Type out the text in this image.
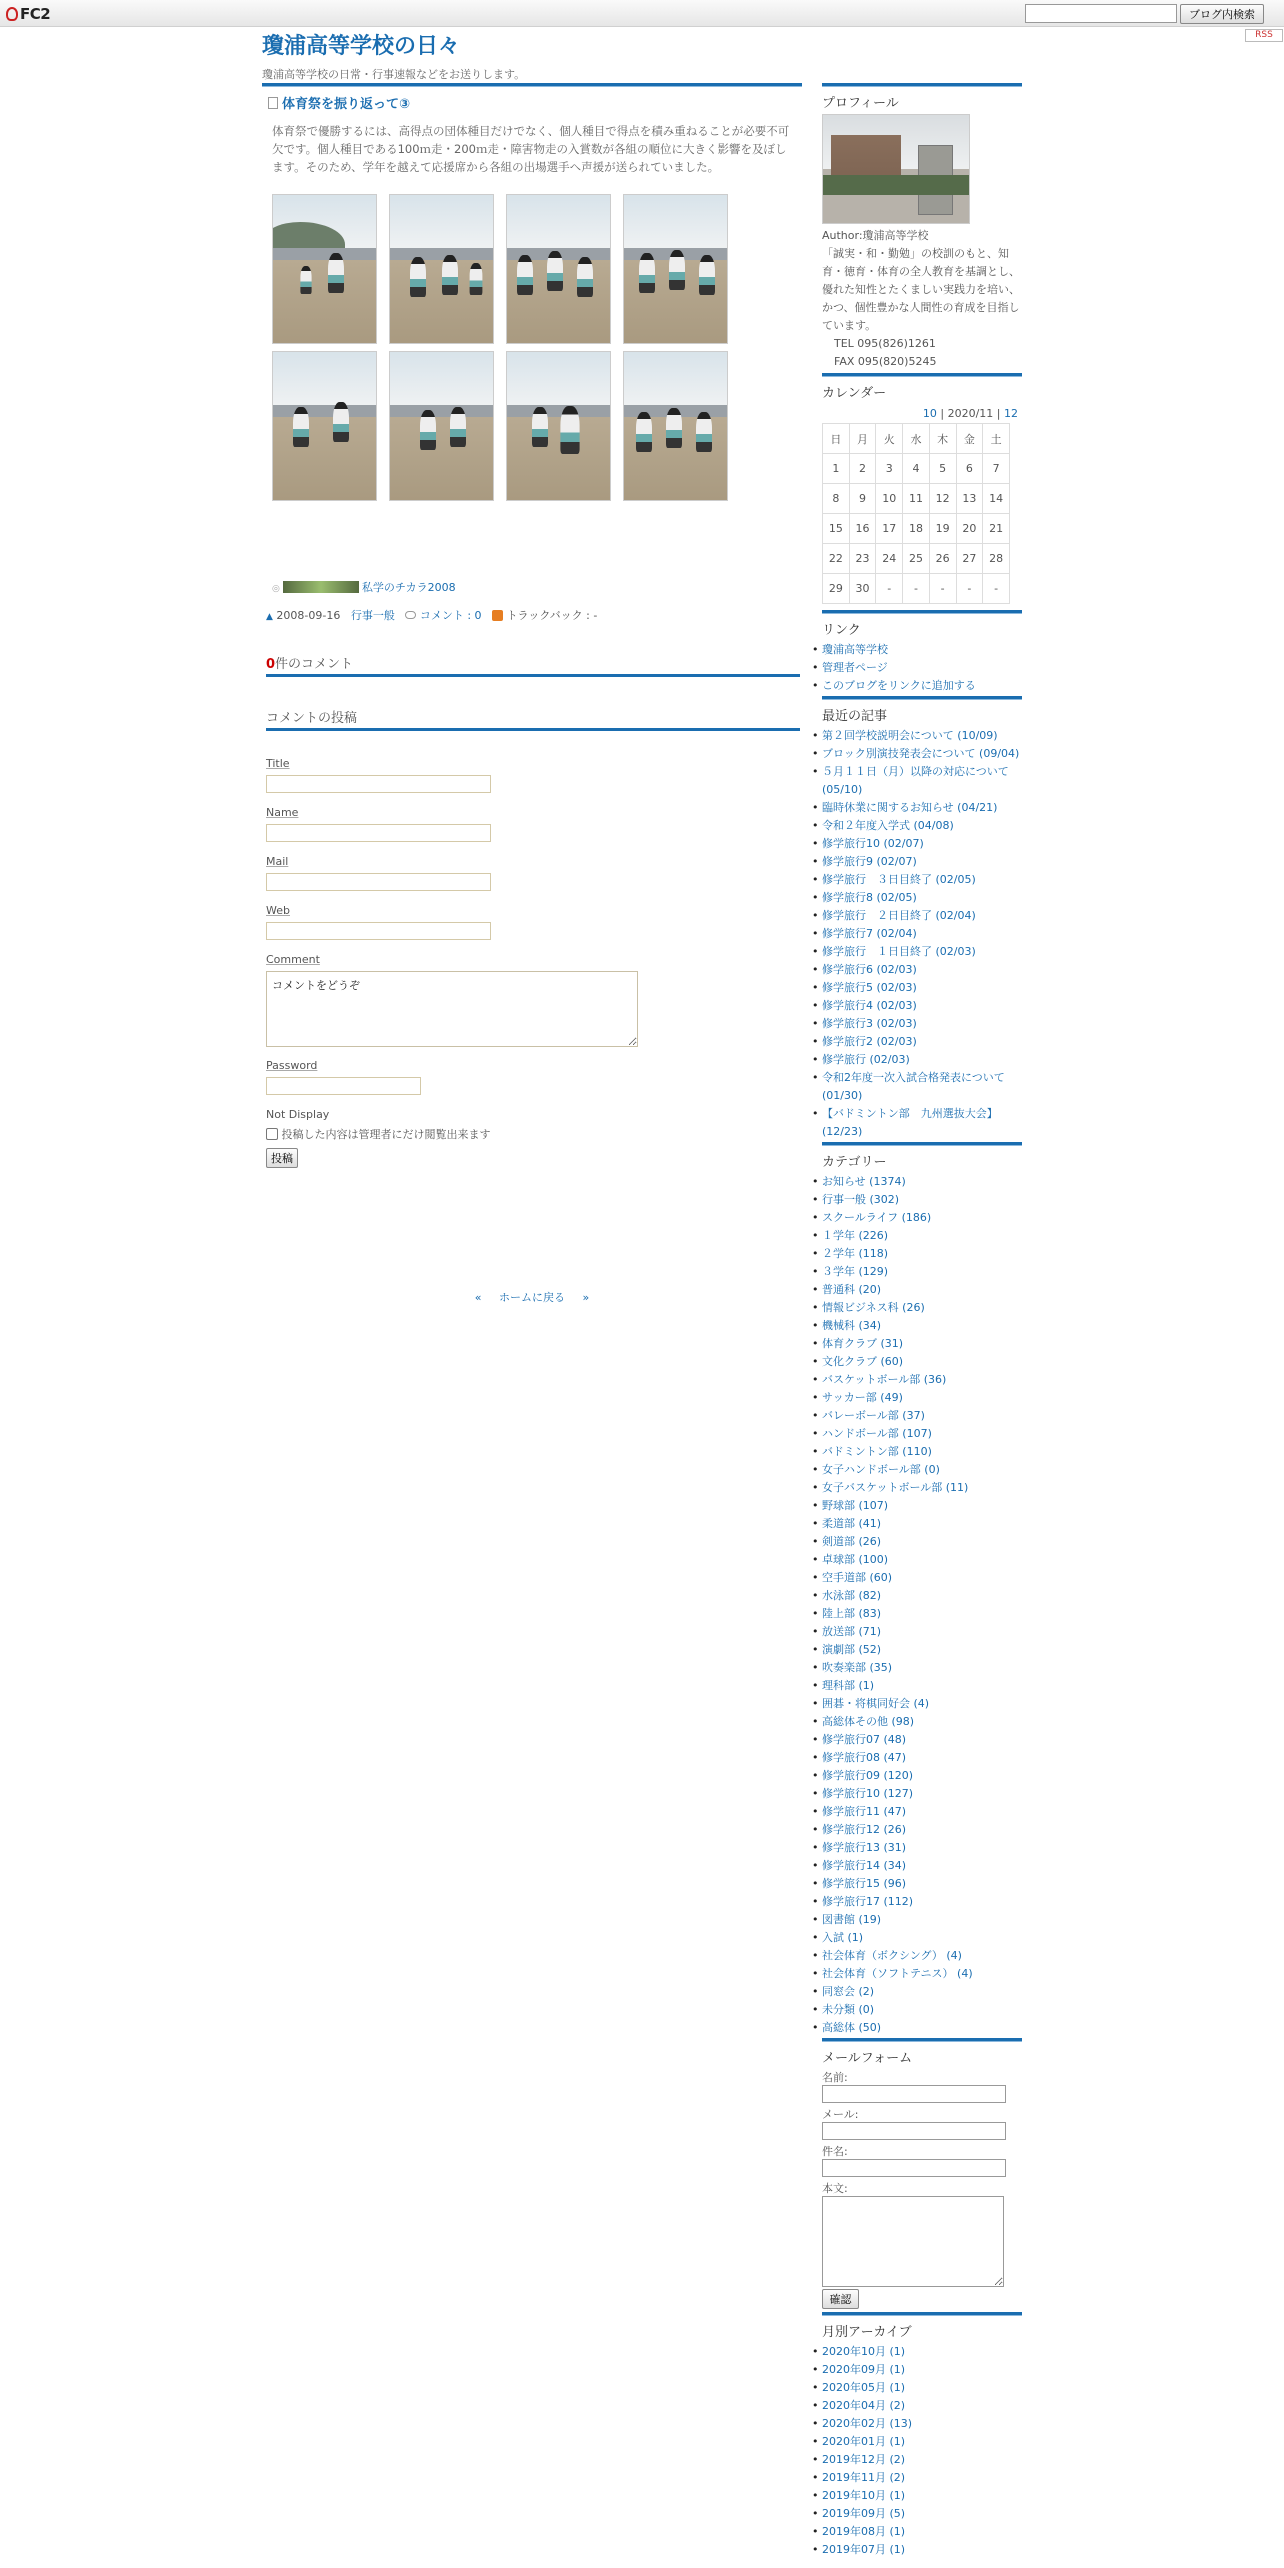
FC2	ブログ内検索
RSS
瓊浦高等学校の日々
瓊浦高等学校の日常・行事速報などをお送りします。
体育祭を振り返って③
体育祭で優勝するには、高得点の団体種目だけでなく、個人種目で得点を積み重ねることが必要不可欠です。個人種目である100ｍ走・200ｍ走・障害物走の入賞数が各組の順位に大きく影響を及ぼします。そのため、学年を越えて応援席から各組の出場選手へ声援が送られていました。
◎	私学のチカラ2008
▲ 2008-09-16 行事一般 コメント : 0 トラックバック : -
0件のコメント
コメントの投稿
Title
Name
Mail
Web
Comment
コメントをどうぞ
Password
Not Display
投稿した内容は管理者にだけ閲覧出来ます
投稿
« ホームに戻る »
プロフィール
Author:瓊浦高等学校
「誠実・和・勤勉」の校訓のもと、知育・徳育・体育の全人教育を基調とし、優れた知性とたくましい実践力を培い、かつ、個性豊かな人間性の育成を目指しています。
TEL 095(826)1261
FAX 095(820)5245
カレンダー
10 | 2020/11 | 12
日	月	火	水	木	金	土
1	2	3	4	5	6	7
8	9	10	11	12	13	14
15	16	17	18	19	20	21
22	23	24	25	26	27	28
29	30	-	-	-	-	-
リンク
• 瓊浦高等学校
• 管理者ページ
• このブログをリンクに追加する
最近の記事
• 第２回学校説明会について (10/09)
• ブロック別演技発表会について (09/04)
• ５月１１日（月）以降の対応について (05/10)
• 臨時休業に関するお知らせ (04/21)
• 令和２年度入学式 (04/08)
• 修学旅行10 (02/07)
• 修学旅行9 (02/07)
• 修学旅行　３日目終了 (02/05)
• 修学旅行8 (02/05)
• 修学旅行　２日目終了 (02/04)
• 修学旅行7 (02/04)
• 修学旅行　１日目終了 (02/03)
• 修学旅行6 (02/03)
• 修学旅行5 (02/03)
• 修学旅行4 (02/03)
• 修学旅行3 (02/03)
• 修学旅行2 (02/03)
• 修学旅行 (02/03)
• 令和2年度一次入試合格発表について (01/30)
• 【バドミントン部　九州選抜大会】 (12/23)
カテゴリー
• お知らせ (1374)
• 行事一般 (302)
• スクールライフ (186)
• １学年 (226)
• ２学年 (118)
• ３学年 (129)
• 普通科 (20)
• 情報ビジネス科 (26)
• 機械科 (34)
• 体育クラブ (31)
• 文化クラブ (60)
• バスケットボール部 (36)
• サッカー部 (49)
• バレーボール部 (37)
• ハンドボール部 (107)
• バドミントン部 (110)
• 女子ハンドボール部 (0)
• 女子バスケットボール部 (11)
• 野球部 (107)
• 柔道部 (41)
• 剣道部 (26)
• 卓球部 (100)
• 空手道部 (60)
• 水泳部 (82)
• 陸上部 (83)
• 放送部 (71)
• 演劇部 (52)
• 吹奏楽部 (35)
• 理科部 (1)
• 囲碁・将棋同好会 (4)
• 高総体その他 (98)
• 修学旅行07 (48)
• 修学旅行08 (47)
• 修学旅行09 (120)
• 修学旅行10 (127)
• 修学旅行11 (47)
• 修学旅行12 (26)
• 修学旅行13 (31)
• 修学旅行14 (34)
• 修学旅行15 (96)
• 修学旅行17 (112)
• 図書館 (19)
• 入試 (1)
• 社会体育（ボクシング） (4)
• 社会体育（ソフトテニス） (4)
• 同窓会 (2)
• 未分類 (0)
• 高総体 (50)
メールフォーム
名前:
メール:
件名:
本文:
確認
月別アーカイブ
• 2020年10月 (1)
• 2020年09月 (1)
• 2020年05月 (1)
• 2020年04月 (2)
• 2020年02月 (13)
• 2020年01月 (1)
• 2019年12月 (2)
• 2019年11月 (2)
• 2019年10月 (1)
• 2019年09月 (5)
• 2019年08月 (1)
• 2019年07月 (1)
